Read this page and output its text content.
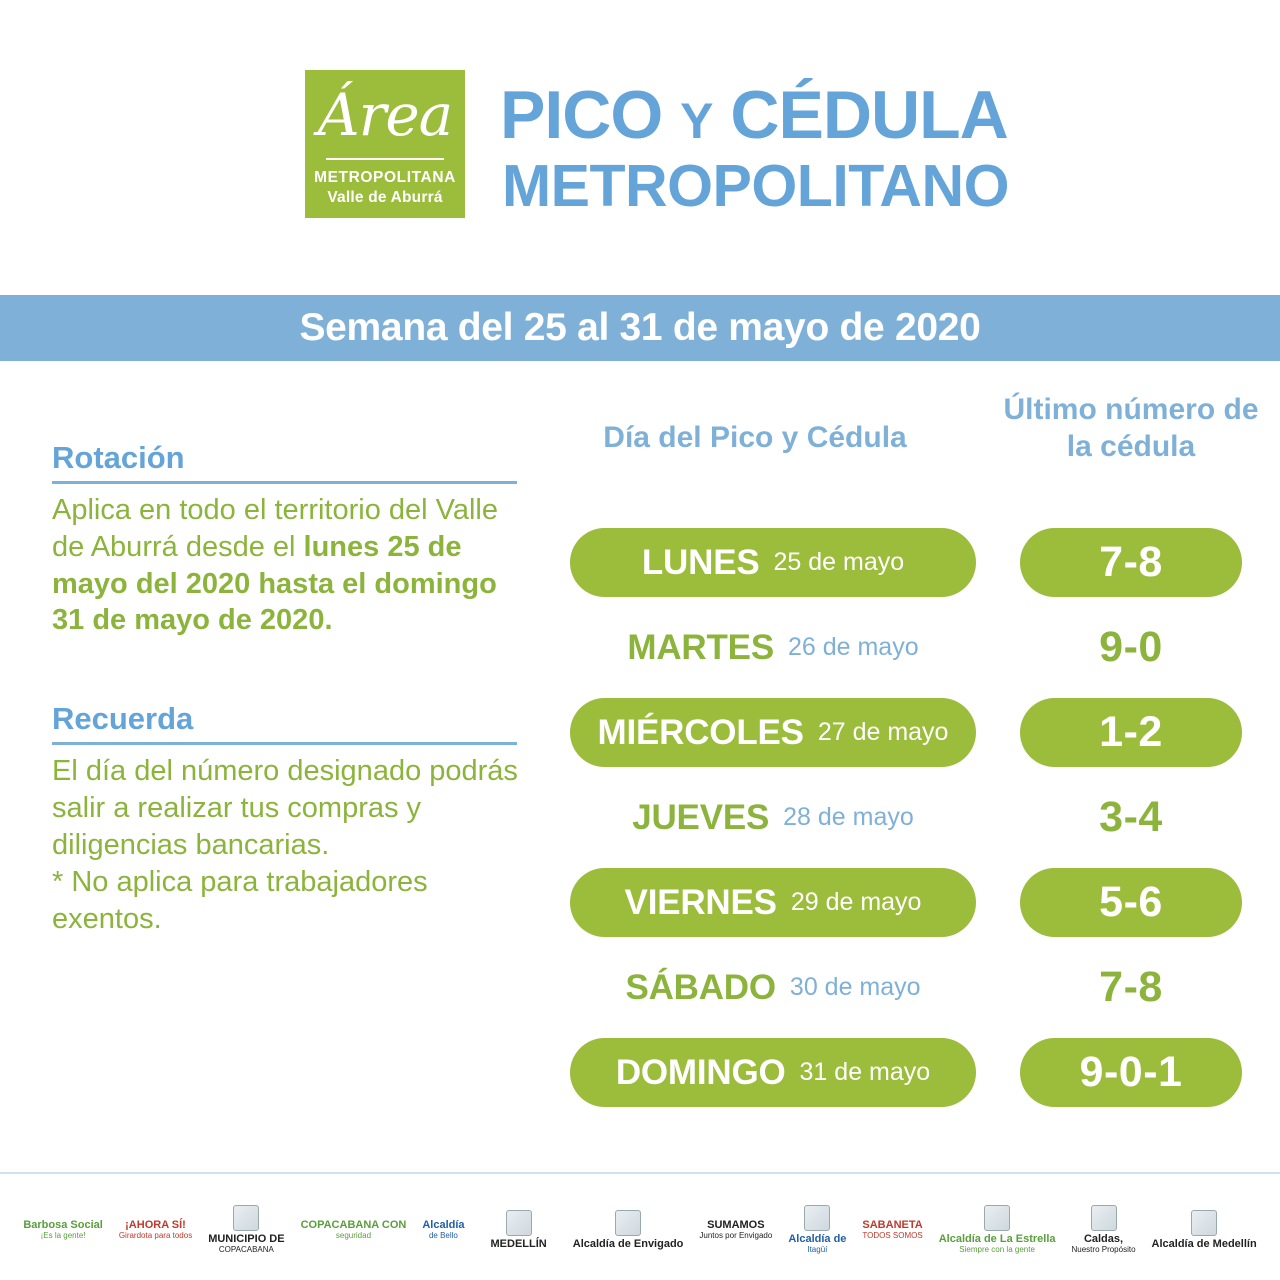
Área
METROPOLITANA
Valle de Aburrá
PICO Y CÉDULA
METROPOLITANO
Semana del 25 al 31 de mayo de 2020
Rotación
Aplica en todo el territorio del Valle de Aburrá desde el lunes 25 de mayo del 2020 hasta el domingo 31 de mayo de 2020.
Recuerda
El día del número designado podrás salir a realizar tus compras y diligencias bancarias.
* No aplica para trabajadores exentos.
Día del Pico y Cédula
Último número de la cédula
LUNES 25 de mayo	7-8
MARTES 26 de mayo	9-0
MIÉRCOLES 27 de mayo	1-2
JUEVES 28 de mayo	3-4
VIERNES 29 de mayo	5-6
SÁBADO 30 de mayo	7-8
DOMINGO 31 de mayo	9-0-1
Barbosa Social
¡Es la gente!
¡AHORA SÍ!
Girardota para todos MUNICIPIO DE
COPACABANA
COPACABANA CON
seguridad
Alcaldía
de Bello
MEDELLÍN Alcaldía de Envigado
SUMAMOS
Juntos por Envigado Alcaldía de
Itagüí
SABANETA
TODOS SOMOS Alcaldía de La Estrella
Siempre con la gente
Caldas,
Nuestro Propósito Alcaldía de Medellín
